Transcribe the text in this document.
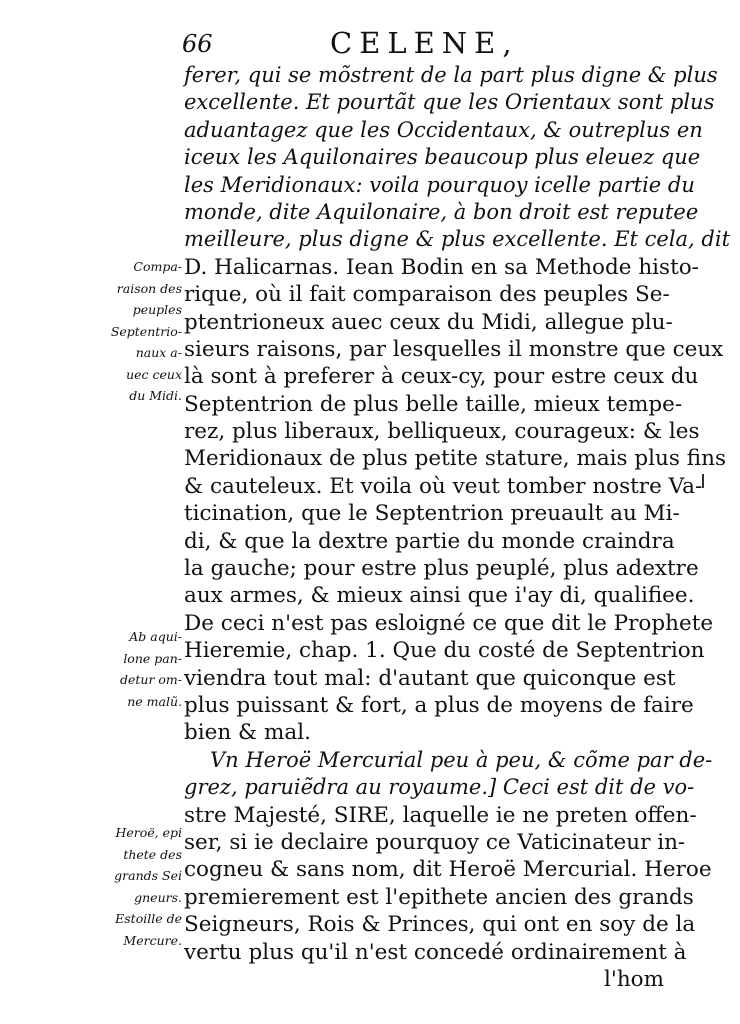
66	CELENE,
ferer, qui se mõstrent de la part plus digne & plus
excellente. Et pourtãt que les Orientaux sont plus
aduantagez que les Occidentaux, & outreplus en
iceux les Aquilonaires beaucoup plus eleuez que
les Meridionaux: voila pourquoy icelle partie du
monde, dite Aquilonaire, à bon droit est reputee
meilleure, plus digne & plus excellente. Et cela, dit
D. Halicarnas. Iean Bodin en sa Methode histo-
rique, où il fait comparaison des peuples Se-
ptentrioneux auec ceux du Midi, allegue plu-
sieurs raisons, par lesquelles il monstre que ceux
là sont à preferer à ceux-cy, pour estre ceux du
Septentrion de plus belle taille, mieux tempe-
rez, plus liberaux, belliqueux, courageux: & les
Meridionaux de plus petite stature, mais plus fins
& cauteleux. Et voila où veut tomber nostre Va-
ticination, que le Septentrion preuault au Mi-
di, & que la dextre partie du monde craindra
la gauche; pour estre plus peuplé, plus adextre
aux armes, & mieux ainsi que i'ay di, qualifiee.
De ceci n'est pas esloigné ce que dit le Prophete
Hieremie, chap. 1. Que du costé de Septentrion
viendra tout mal: d'autant que quiconque est
plus puissant & fort, a plus de moyens de faire
bien & mal.
Vn Heroë Mercurial peu à peu, & cõme par de-
grez, paruiẽdra au royaume.] Ceci est dit de vo-
stre Majesté, SIRE, laquelle ie ne preten offen-
ser, si ie declaire pourquoy ce Vaticinateur in-
cogneu & sans nom, dit Heroë Mercurial. Heroe
premierement est l'epithete ancien des grands
Seigneurs, Rois & Princes, qui ont en soy de la
vertu plus qu'il n'est concedé ordinairement à
l'hom
Compa-
raison des
peuples
Septentrio-
naux a-
uec ceux
du Midi.
Ab aqui-
lone pan-
detur om-
ne malũ.
Heroë, epi
thete des
grands Sei
gneurs.
Estoille de
Mercure.
